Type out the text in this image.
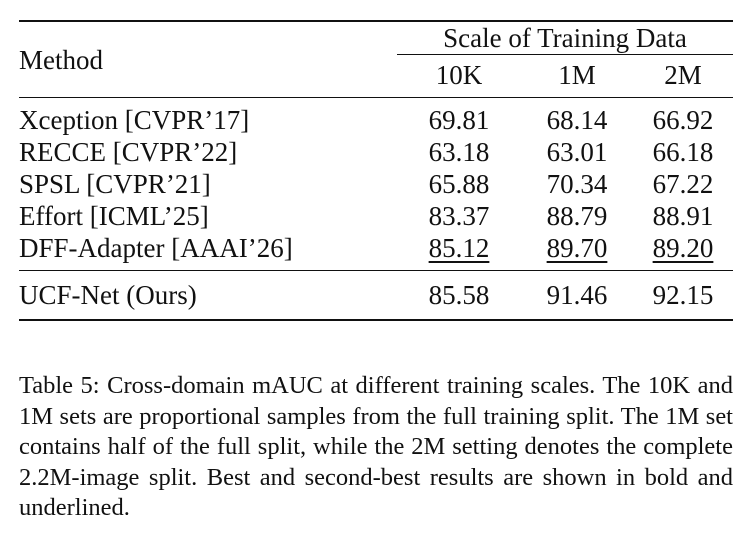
Method	Scale of Training Data		
	10K	1M	2M
Xception [CVPR’17]	69.81	68.14	66.92
RECCE [CVPR’22]	63.18	63.01	66.18
SPSL [CVPR’21]	65.88	70.34	67.22
Effort [ICML’25]	83.37	88.79	88.91
DFF-Adapter [AAAI’26]	85.12	89.70	89.20
UCF-Net (Ours)	85.58	91.46	92.15

Table 5: Cross-domain mAUC at different training scales. The 10K and 1M sets are proportional samples from the full training split. The 1M set contains half of the full split, while the 2M setting denotes the complete 2.2M-image split. Best and second-best results are shown in bold and underlined.
